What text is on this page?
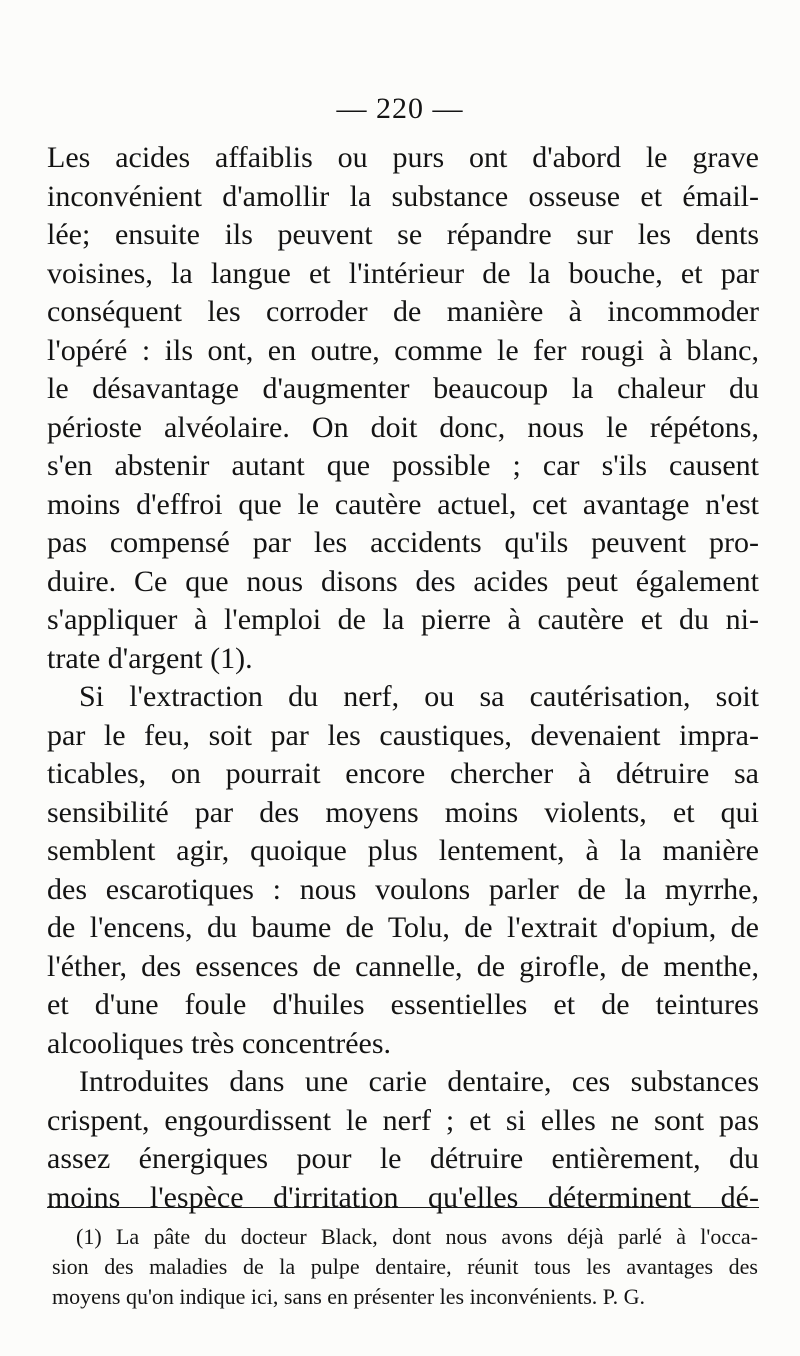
— 220 —
Les acides affaiblis ou purs ont d'abord le grave
inconvénient d'amollir la substance osseuse et émail-
lée; ensuite ils peuvent se répandre sur les dents
voisines, la langue et l'intérieur de la bouche, et par
conséquent les corroder de manière à incommoder
l'opéré : ils ont, en outre, comme le fer rougi à blanc,
le désavantage d'augmenter beaucoup la chaleur du
périoste alvéolaire. On doit donc, nous le répétons,
s'en abstenir autant que possible ; car s'ils causent
moins d'effroi que le cautère actuel, cet avantage n'est
pas compensé par les accidents qu'ils peuvent pro-
duire. Ce que nous disons des acides peut également
s'appliquer à l'emploi de la pierre à cautère et du ni-
trate d'argent (1).
Si l'extraction du nerf, ou sa cautérisation, soit
par le feu, soit par les caustiques, devenaient impra-
ticables, on pourrait encore chercher à détruire sa
sensibilité par des moyens moins violents, et qui
semblent agir, quoique plus lentement, à la manière
des escarotiques : nous voulons parler de la myrrhe,
de l'encens, du baume de Tolu, de l'extrait d'opium, de
l'éther, des essences de cannelle, de girofle, de menthe,
et d'une foule d'huiles essentielles et de teintures
alcooliques très concentrées.
Introduites dans une carie dentaire, ces substances
crispent, engourdissent le nerf ; et si elles ne sont pas
assez énergiques pour le détruire entièrement, du
moins l'espèce d'irritation qu'elles déterminent dé-
(1) La pâte du docteur Black, dont nous avons déjà parlé à l'occa-
sion des maladies de la pulpe dentaire, réunit tous les avantages des
moyens qu'on indique ici, sans en présenter les inconvénients. P. G.
